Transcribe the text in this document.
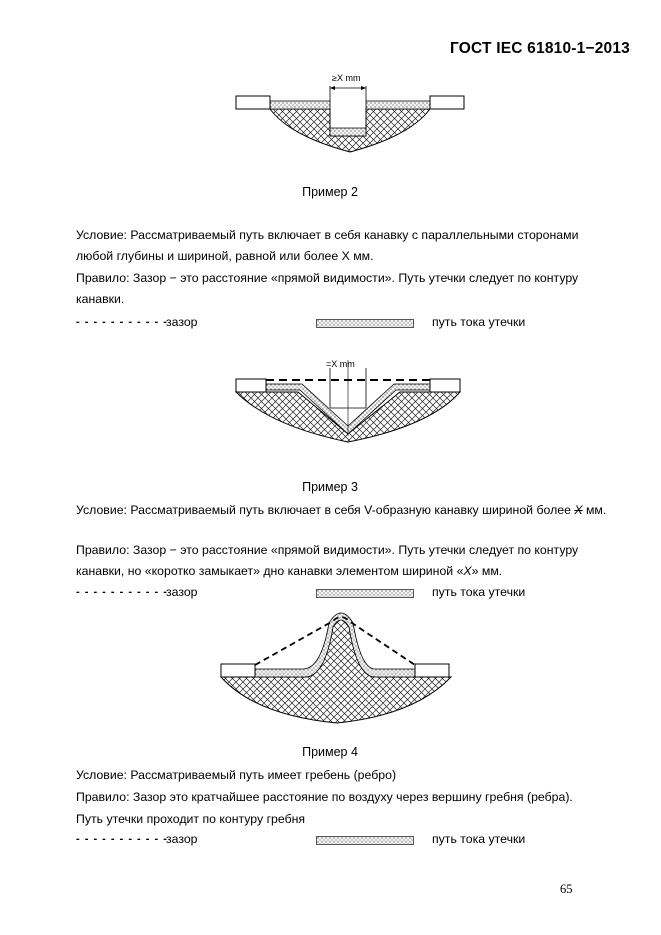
ГОСТ IEC 61810-1−2013
≥X mm
Пример 2
Условие: Рассматриваемый путь включает в себя канавку с параллельными сторонами любой глубины и шириной, равной или более X мм.
Правило: Зазор − это расстояние «прямой видимости». Путь утечки следует по контуру канавки.
- - - - - - - - - - -
зазор	путь тока утечки
=X mm
Пример 3
Условие: Рассматриваемый путь включает в себя V-образную канавку шириной более X мм.
Правило: Зазор − это расстояние «прямой видимости». Путь утечки следует по контуру канавки, но «коротко замыкает» дно канавки элементом шириной «X» мм.
- - - - - - - - - - -
зазор	путь тока утечки
Пример 4
Условие: Рассматриваемый путь имеет гребень (ребро)
Правило: Зазор это кратчайшее расстояние по воздуху через вершину гребня (ребра).
Путь утечки проходит по контуру гребня
- - - - - - - - - - -
зазор	путь тока утечки
65
